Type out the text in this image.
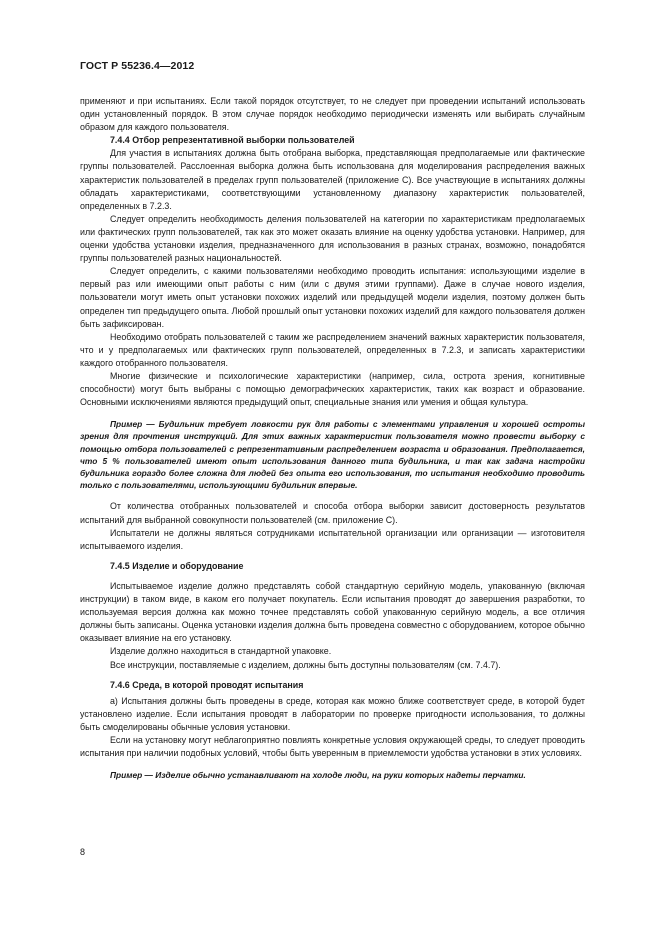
ГОСТ Р 55236.4—2012

применяют и при испытаниях. Если такой порядок отсутствует, то не следует при проведении испытаний использовать один установленный порядок. В этом случае порядок необходимо периодически изменять или выбирать случайным образом для каждого пользователя.

7.4.4 Отбор репрезентативной выборки пользователей

Для участия в испытаниях должна быть отобрана выборка, представляющая предполагаемые или фактические группы пользователей. Расслоенная выборка должна быть использована для моделирования распределения важных характеристик пользователей в пределах групп пользователей (приложение С). Все участвующие в испытаниях должны обладать характеристиками, соответствующими установленному диапазону характеристик пользователей, определенных в 7.2.3.

Следует определить необходимость деления пользователей на категории по характеристикам предполагаемых или фактических групп пользователей, так как это может оказать влияние на оценку удобства установки. Например, для оценки удобства установки изделия, предназначенного для использования в разных странах, возможно, понадобятся группы пользователей разных национальностей.

Следует определить, с какими пользователями необходимо проводить испытания: использующими изделие в первый раз или имеющими опыт работы с ним (или с двумя этими группами). Даже в случае нового изделия, пользователи могут иметь опыт установки похожих изделий или предыдущей модели изделия, поэтому должен быть определен тип предыдущего опыта. Любой прошлый опыт установки похожих изделий для каждого пользователя должен быть зафиксирован.

Необходимо отобрать пользователей с таким же распределением значений важных характеристик пользователя, что и у предполагаемых или фактических групп пользователей, определенных в 7.2.3, и записать характеристики каждого отобранного пользователя.

Многие физические и психологические характеристики (например, сила, острота зрения, когнитивные способности) могут быть выбраны с помощью демографических характеристик, таких как возраст и образование. Основными исключениями являются предыдущий опыт, специальные знания или умения и общая культура.

Пример — Будильник требует ловкости рук для работы с элементами управления и хорошей остроты зрения для прочтения инструкций. Для этих важных характеристик пользователя можно провести выборку с помощью отбора пользователей с репрезентативным распределением возраста и образования. Предполагается, что 5 % пользователей имеют опыт использования данного типа будильника, и так как задача настройки будильника гораздо более сложна для людей без опыта его использования, то испытания необходимо проводить только с пользователями, использующими будильник впервые.

От количества отобранных пользователей и способа отбора выборки зависит достоверность результатов испытаний для выбранной совокупности пользователей (см. приложение С).

Испытатели не должны являться сотрудниками испытательной организации или организации — изготовителя испытываемого изделия.

7.4.5 Изделие и оборудование

Испытываемое изделие должно представлять собой стандартную серийную модель, упакованную (включая инструкции) в таком виде, в каком его получает покупатель. Если испытания проводят до завершения разработки, то используемая версия должна как можно точнее представлять собой упакованную серийную модель, а все отличия должны быть записаны. Оценка установки изделия должна быть проведена совместно с оборудованием, которое обычно оказывает влияние на его установку.

Изделие должно находиться в стандартной упаковке.

Все инструкции, поставляемые с изделием, должны быть доступны пользователям (см. 7.4.7).

7.4.6 Среда, в которой проводят испытания

а) Испытания должны быть проведены в среде, которая как можно ближе соответствует среде, в которой будет установлено изделие. Если испытания проводят в лаборатории по проверке пригодности использования, то должны быть смоделированы обычные условия установки.

Если на установку могут неблагоприятно повлиять конкретные условия окружающей среды, то следует проводить испытания при наличии подобных условий, чтобы быть уверенным в приемлемости удобства установки в этих условиях.

Пример — Изделие обычно устанавливают на холоде люди, на руки которых надеты перчатки.

8
